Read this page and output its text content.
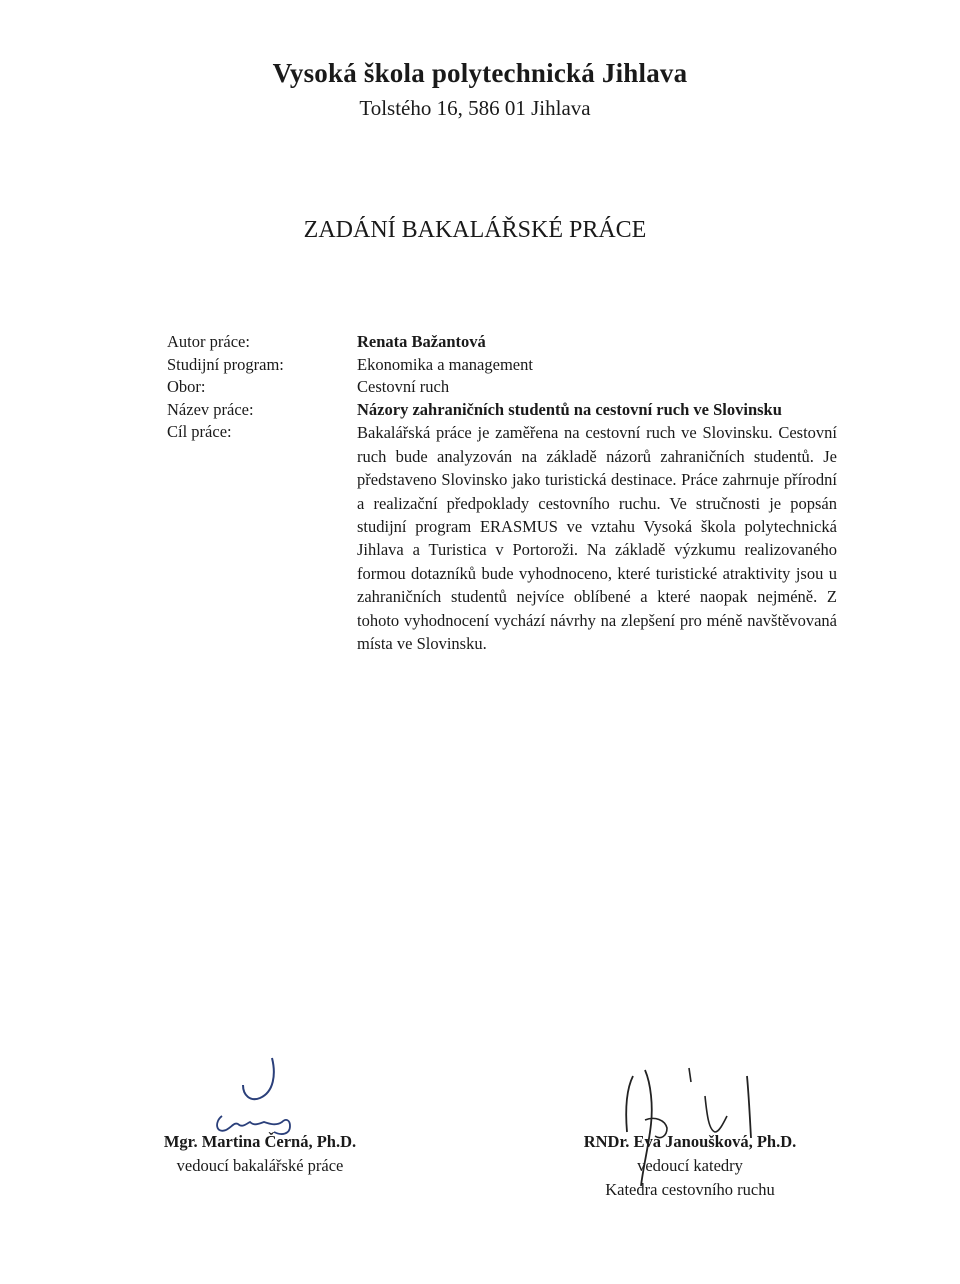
Vysoká škola polytechnická Jihlava
Tolstého 16, 586 01 Jihlava
ZADÁNÍ BAKALÁŘSKÉ PRÁCE
Autor práce:
Studijní program:
Obor:
Název práce:
Cíl práce:
Renata Bažantová
Ekonomika a management
Cestovní ruch
Názory zahraničních studentů na cestovní ruch ve Slovinsku
Bakalářská práce je zaměřena na cestovní ruch ve Slovinsku. Cestovní ruch bude analyzován na základě názorů zahraničních studentů. Je představeno Slovinsko jako turistická destinace. Práce zahrnuje přírodní a realizační předpoklady cestovního ruchu. Ve stručnosti je popsán studijní program ERASMUS ve vztahu Vysoká škola polytechnická Jihlava a Turistica v Portoroži. Na základě výzkumu realizovaného formou dotazníků bude vyhodnoceno, které turistické atraktivity jsou u zahraničních studentů nejvíce oblíbené a které naopak nejméně. Z tohoto vyhodnocení vychází návrhy na zlepšení pro méně navštěvovaná místa ve Slovinsku.
Mgr. Martina Černá, Ph.D.
vedoucí bakalářské práce
RNDr. Eva Janoušková, Ph.D.
vedoucí katedry
Katedra cestovního ruchu
